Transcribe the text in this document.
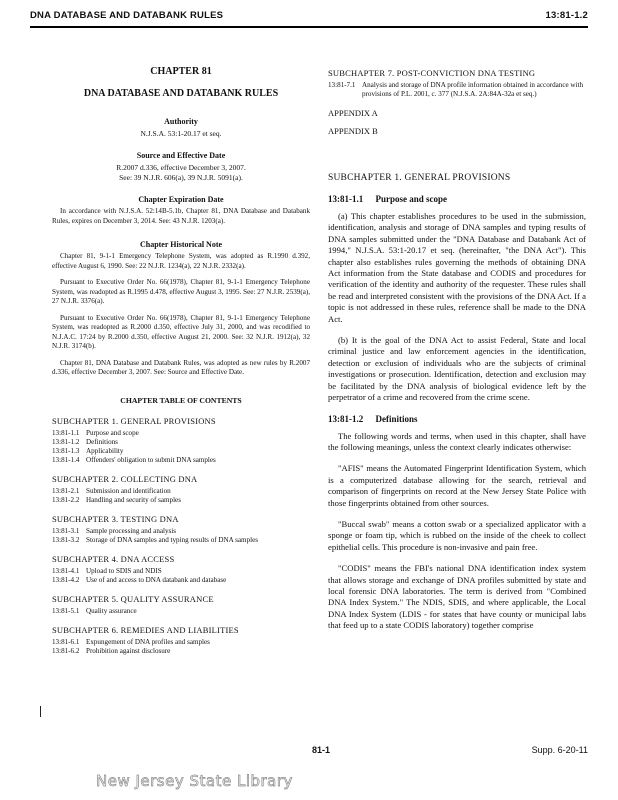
DNA DATABASE AND DATABANK RULES	13:81-1.2
CHAPTER 81
DNA DATABASE AND DATABANK RULES
Authority
N.J.S.A. 53:1-20.17 et seq.
Source and Effective Date
R.2007 d.336, effective December 3, 2007.
See: 39 N.J.R. 606(a), 39 N.J.R. 5091(a).
Chapter Expiration Date

In accordance with N.J.S.A. 52:14B-5.1b, Chapter 81, DNA Database and Databank Rules, expires on December 3, 2014. See: 43 N.J.R. 1203(a).

Chapter Historical Note

Chapter 81, 9-1-1 Emergency Telephone System, was adopted as R.1990 d.392, effective August 6, 1990. See: 22 N.J.R. 1234(a), 22 N.J.R. 2332(a).

Pursuant to Executive Order No. 66(1978), Chapter 81, 9-1-1 Emergency Telephone System, was readopted as R.1995 d.478, effective August 3, 1995. See: 27 N.J.R. 2539(a), 27 N.J.R. 3376(a).

Pursuant to Executive Order No. 66(1978), Chapter 81, 9-1-1 Emergency Telephone System, was readopted as R.2000 d.350, effective July 31, 2000, and was recodified to N.J.A.C. 17:24 by R.2000 d.350, effective August 21, 2000. See: 32 N.J.R. 1912(a), 32 N.J.R. 3174(b).

Chapter 81, DNA Database and Databank Rules, was adopted as new rules by R.2007 d.336, effective December 3, 2007. See: Source and Effective Date.

CHAPTER TABLE OF CONTENTS
SUBCHAPTER 1. GENERAL PROVISIONS
13:81-1.1 Purpose and scope
13:81-1.2 Definitions
13:81-1.3 Applicability
13:81-1.4 Offenders' obligation to submit DNA samples
SUBCHAPTER 2. COLLECTING DNA
13:81-2.1 Submission and identification
13:81-2.2 Handling and security of samples
SUBCHAPTER 3. TESTING DNA
13:81-3.1 Sample processing and analysis
13:81-3.2 Storage of DNA samples and typing results of DNA samples
SUBCHAPTER 4. DNA ACCESS
13:81-4.1 Upload to SDIS and NDIS
13:81-4.2 Use of and access to DNA databank and database
SUBCHAPTER 5. QUALITY ASSURANCE
13:81-5.1 Quality assurance
SUBCHAPTER 6. REMEDIES AND LIABILITIES
13:81-6.1 Expungement of DNA profiles and samples
13:81-6.2 Prohibition against disclosure
SUBCHAPTER 7. POST-CONVICTION DNA TESTING
13:81-7.1 Analysis and storage of DNA profile information obtained in accordance with provisions of P.L. 2001, c. 377 (N.J.S.A. 2A:84A-32a et seq.)
APPENDIX A
APPENDIX B
SUBCHAPTER 1. GENERAL PROVISIONS
13:81-1.1 Purpose and scope

(a) This chapter establishes procedures to be used in the submission, identification, analysis and storage of DNA samples and typing results of DNA samples submitted under the "DNA Database and Databank Act of 1994," N.J.S.A. 53:1-20.17 et seq. (hereinafter, "the DNA Act"). This chapter also establishes rules governing the methods of obtaining DNA Act information from the State database and CODIS and procedures for verification of the identity and authority of the requester. These rules shall be read and interpreted consistent with the provisions of the DNA Act. If a topic is not addressed in these rules, reference shall be made to the DNA Act.

(b) It is the goal of the DNA Act to assist Federal, State and local criminal justice and law enforcement agencies in the identification, detection or exclusion of individuals who are the subjects of criminal investigations or prosecution. Identification, detection and exclusion may be facilitated by the DNA analysis of biological evidence left by the perpetrator of a crime and recovered from the crime scene.

13:81-1.2 Definitions

The following words and terms, when used in this chapter, shall have the following meanings, unless the context clearly indicates otherwise:

"AFIS" means the Automated Fingerprint Identification System, which is a computerized database allowing for the search, retrieval and comparison of fingerprints on record at the New Jersey State Police with those fingerprints obtained from other sources.

"Buccal swab" means a cotton swab or a specialized applicator with a sponge or foam tip, which is rubbed on the inside of the cheek to collect epithelial cells. This procedure is non-invasive and pain free.

"CODIS" means the FBI's national DNA identification index system that allows storage and exchange of DNA profiles submitted by state and local forensic DNA laboratories. The term is derived from "Combined DNA Index System." The NDIS, SDIS, and where applicable, the Local DNA Index System (LDIS - for states that have county or municipal labs that feed up to a state CODIS laboratory) together comprise

81-1	Supp. 6-20-11
New Jersey State Library
